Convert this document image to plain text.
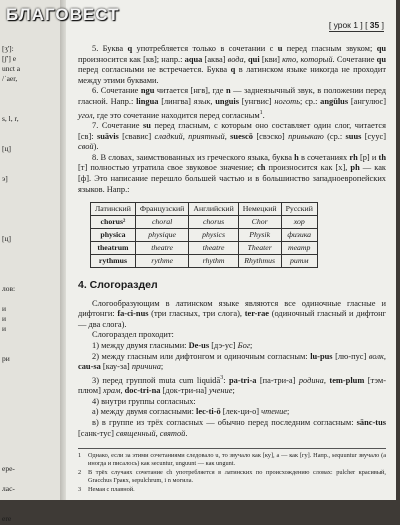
БЛАГОВЕСТ
[ʒ']:
[ʃ'] e
unct a
/ˈaer,
s, l, r,
[ц]
э]
[ц]
лов:
и
и
и
ри
ере-
лас-
ere
[ урок 1 ] [ 35 ]

5. Буква q употребляется только в сочетании с u перед гласным звуком; qu произносится как [кв]; напр.: aqua [аква] вода, qui [кви] кто, который. Сочетание qu перед согласными не встречается. Буква q в латинском языке никогда не проходит между этими буквами.

6. Сочетание ngu читается [нгв], где n — заднеязычный звук, в положении перед гласной. Напр.: lingua [лингва] язык, unguis [унгвис] ноготь; ср.: angūlus [ангулюс] угол, где это сочетание находится перед согласным$^1$.

7. Сочетание su перед гласным, с которым оно составляет один слог, читается [св]: suāvis [свавис] сладкий, приятный, suescō [свэско] привыкаю (ср.: suus [суус] свой).

8. В словах, заимствованных из греческого языка, буква h в сочетаниях rh [р] и th [т] полностью утратила свое звуковое значение; ch произносится как [х], ph — как [ф]. Это написание перешло большей частью и в большинство западноевропейских языков. Напр.:

Латинский	Французский	Английский	Немецкий	Русский
chorus²	choral	chorus	Chor	хор
physica	physique	physics	Physik	физика
theatrum	theatre	theatre	Theater	театр
rythmus	rythme	rhythm	Rhythmus	ритм
4. Слогораздел

Слогообразующим в латинском языке являются все одиночные гласные и дифтонги: fa-ci-nus (три гласных, три слога), ter-rae (одиночный гласный и дифтонг — два слога).

Слогораздел проходит:

1) между двумя гласными: De-us [дэ-ус] Бог;

2) между гласным или дифтонгом и одиночным согласным: lu-pus [лю-пус] волк, cau-sa [кау-за] причина;

3) перед группой muta cum liquidā$^3$: pa-tri-a [па-три-а] родина, tem-plum [тэм-плюм] храм, doc-tri-na [док-три-на] учение;

4) внутри группы согласных:

а) между двумя согласными: lec-ti-ō [лек-ци-о] чтение;

в) в группе из трёх согласных — обычно перед последним согласным: sānc-tus [санк-тус] священный, святой.

1	Однако, если за этими сочетаниями следовало u, то звучало как [ку], a — как [гу]. Напр., sequuntur звучало (а иногда и писалось) как secuntur, unguunt — как ungunt.
2	В трёх случаях сочетание ch употребляется в латинских по происхождению словах: pulcher красивый, Gracchus Гракх, sepulchrum, i n могила.
3	Немая с плавной.
